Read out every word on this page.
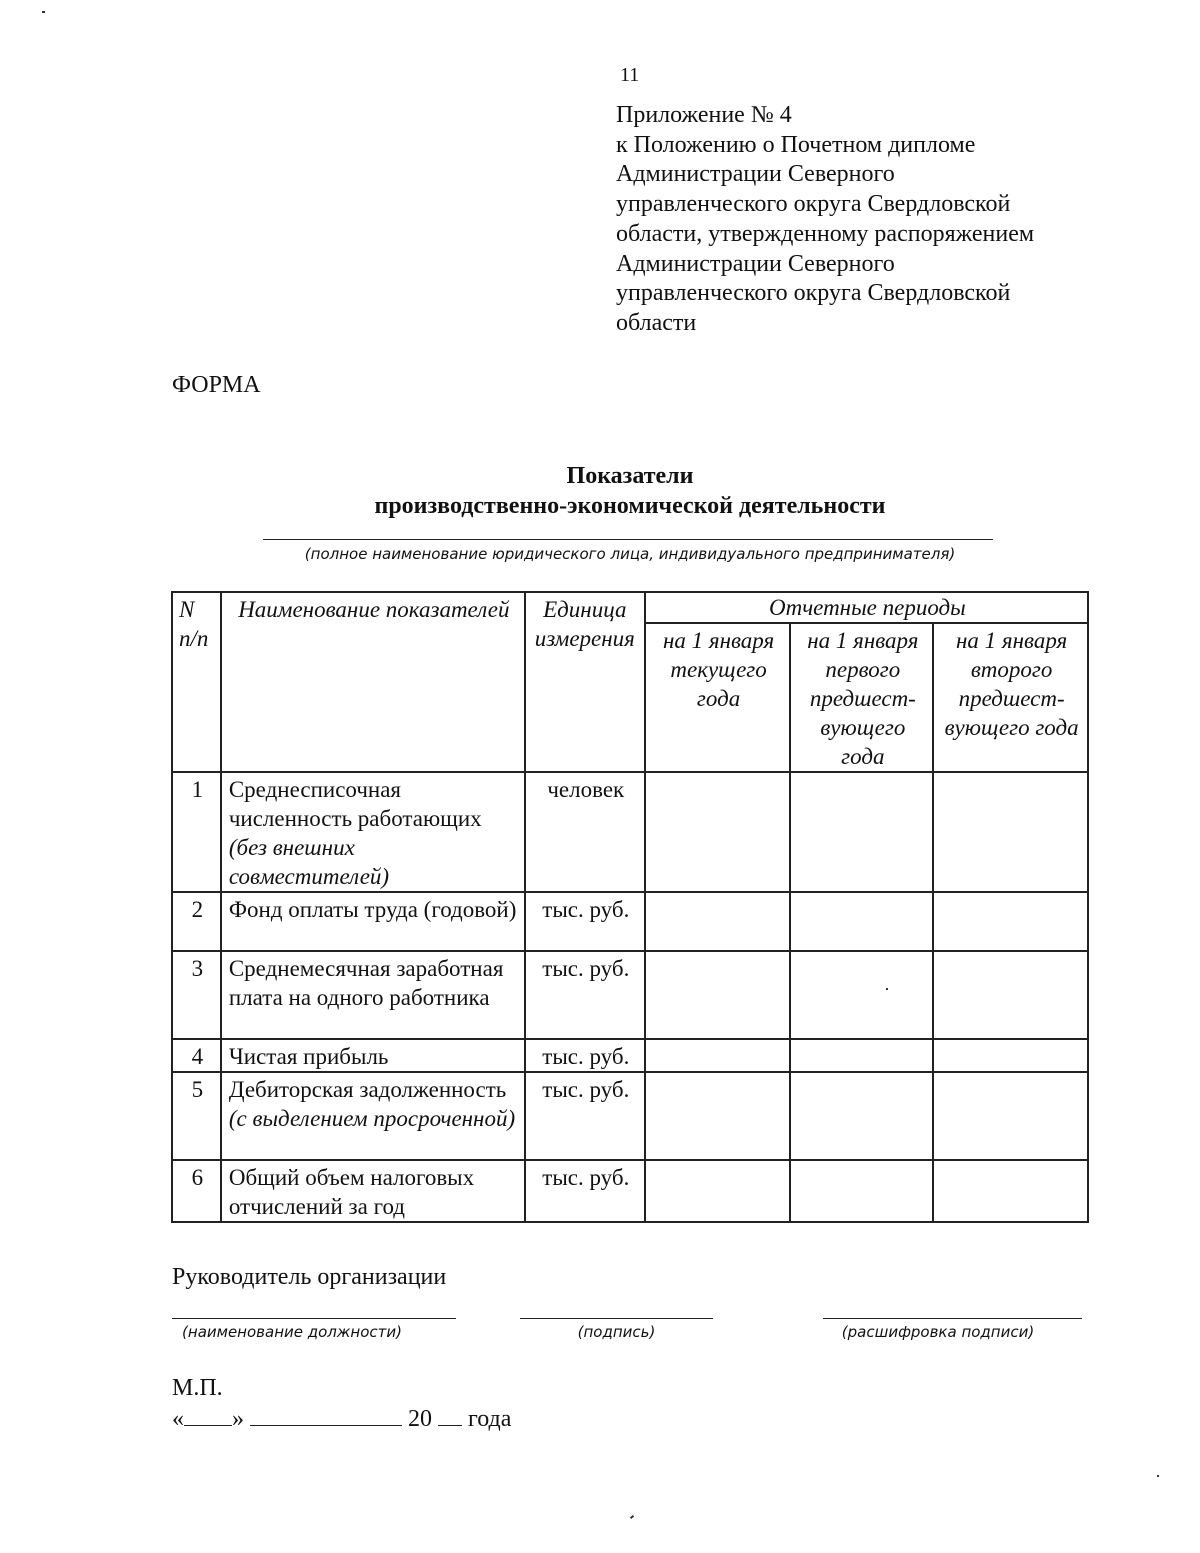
11
Приложение № 4
к Положению о Почетном дипломе
Администрации Северного
управленческого округа Свердловской
области, утвержденному распоряжением
Администрации Северного
управленческого округа Свердловской
области
ФОРМА
Показатели
производственно-экономической деятельности
(полное наименование юридического лица, индивидуального предпринимателя)
N п/п	Наименование показателей	Единица измерения	Отчетные периоды		
			на 1 января текущего года	на 1 января первого предшест-вующего года	на 1 января второго предшест-вующего года
1	Среднесписочная численность работающих (без внешних совместителей)	человек			
2	Фонд оплаты труда (годовой)	тыс. руб.			
3	Среднемесячная заработная плата на одного работника	тыс. руб.			
4	Чистая прибыль	тыс. руб.			
5	Дебиторская задолженность (с выделением просроченной)	тыс. руб.			
6	Общий объем налоговых отчислений за год	тыс. руб.			
Руководитель организации
(наименование должности)	(подпись)	(расшифровка подписи)
М.П.
« »	20 года
